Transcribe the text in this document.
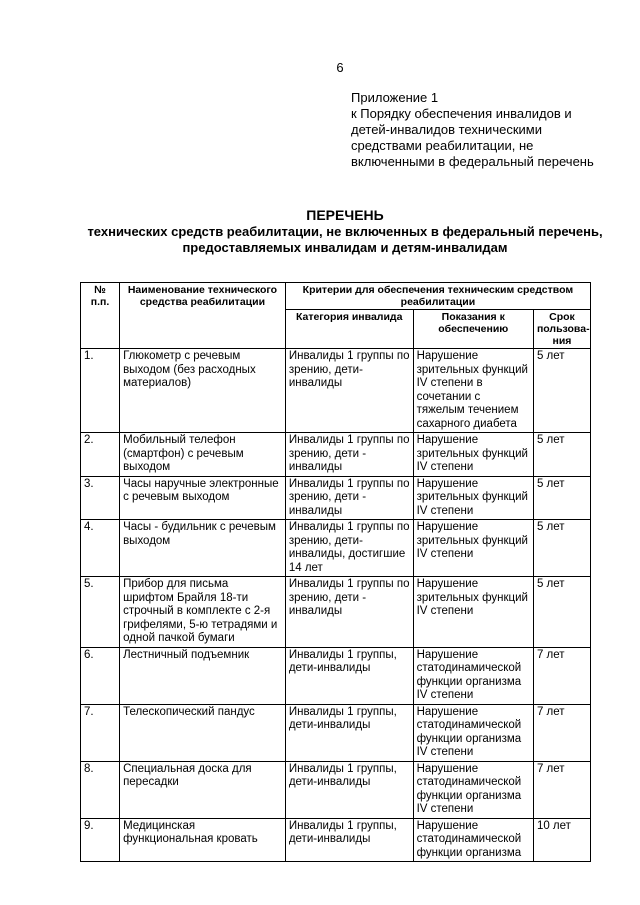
6
Приложение 1
к Порядку обеспечения инвалидов и
детей-инвалидов техническими
средствами реабилитации, не
включенными в федеральный перечень
ПЕРЕЧЕНЬ
технических средств реабилитации, не включенных в федеральный перечень,
предоставляемых инвалидам и детям-инвалидам
№ п.п.	Наименование технического средства реабилитации	Критерии для обеспечения техническим средством реабилитации		
		Категория инвалида	Показания к обеспечению	Срок пользова-ния
1.	Глюкометр с речевым выходом (без расходных материалов)	Инвалиды 1 группы по зрению, дети-инвалиды	Нарушение зрительных функций IV степени в сочетании с тяжелым течением сахарного диабета	5 лет
2.	Мобильный телефон (смартфон) с речевым выходом	Инвалиды 1 группы по зрению, дети - инвалиды	Нарушение зрительных функций IV степени	5 лет
3.	Часы наручные электронные с речевым выходом	Инвалиды 1 группы по зрению, дети - инвалиды	Нарушение зрительных функций IV степени	5 лет
4.	Часы - будильник с речевым выходом	Инвалиды 1 группы по зрению, дети-инвалиды, достигшие 14 лет	Нарушение зрительных функций IV степени	5 лет
5.	Прибор для письма шрифтом Брайля 18-ти строчный в комплекте с 2-я грифелями, 5-ю тетрадями и одной пачкой бумаги	Инвалиды 1 группы по зрению, дети - инвалиды	Нарушение зрительных функций IV степени	5 лет
6.	Лестничный подъемник	Инвалиды 1 группы, дети-инвалиды	Нарушение статодинамической функции организма IV степени	7 лет
7.	Телескопический пандус	Инвалиды 1 группы, дети-инвалиды	Нарушение статодинамической функции организма IV степени	7 лет
8.	Специальная доска для пересадки	Инвалиды 1 группы, дети-инвалиды	Нарушение статодинамической функции организма IV степени	7 лет
9.	Медицинская функциональная кровать	Инвалиды 1 группы, дети-инвалиды	Нарушение статодинамической функции организма	10 лет
